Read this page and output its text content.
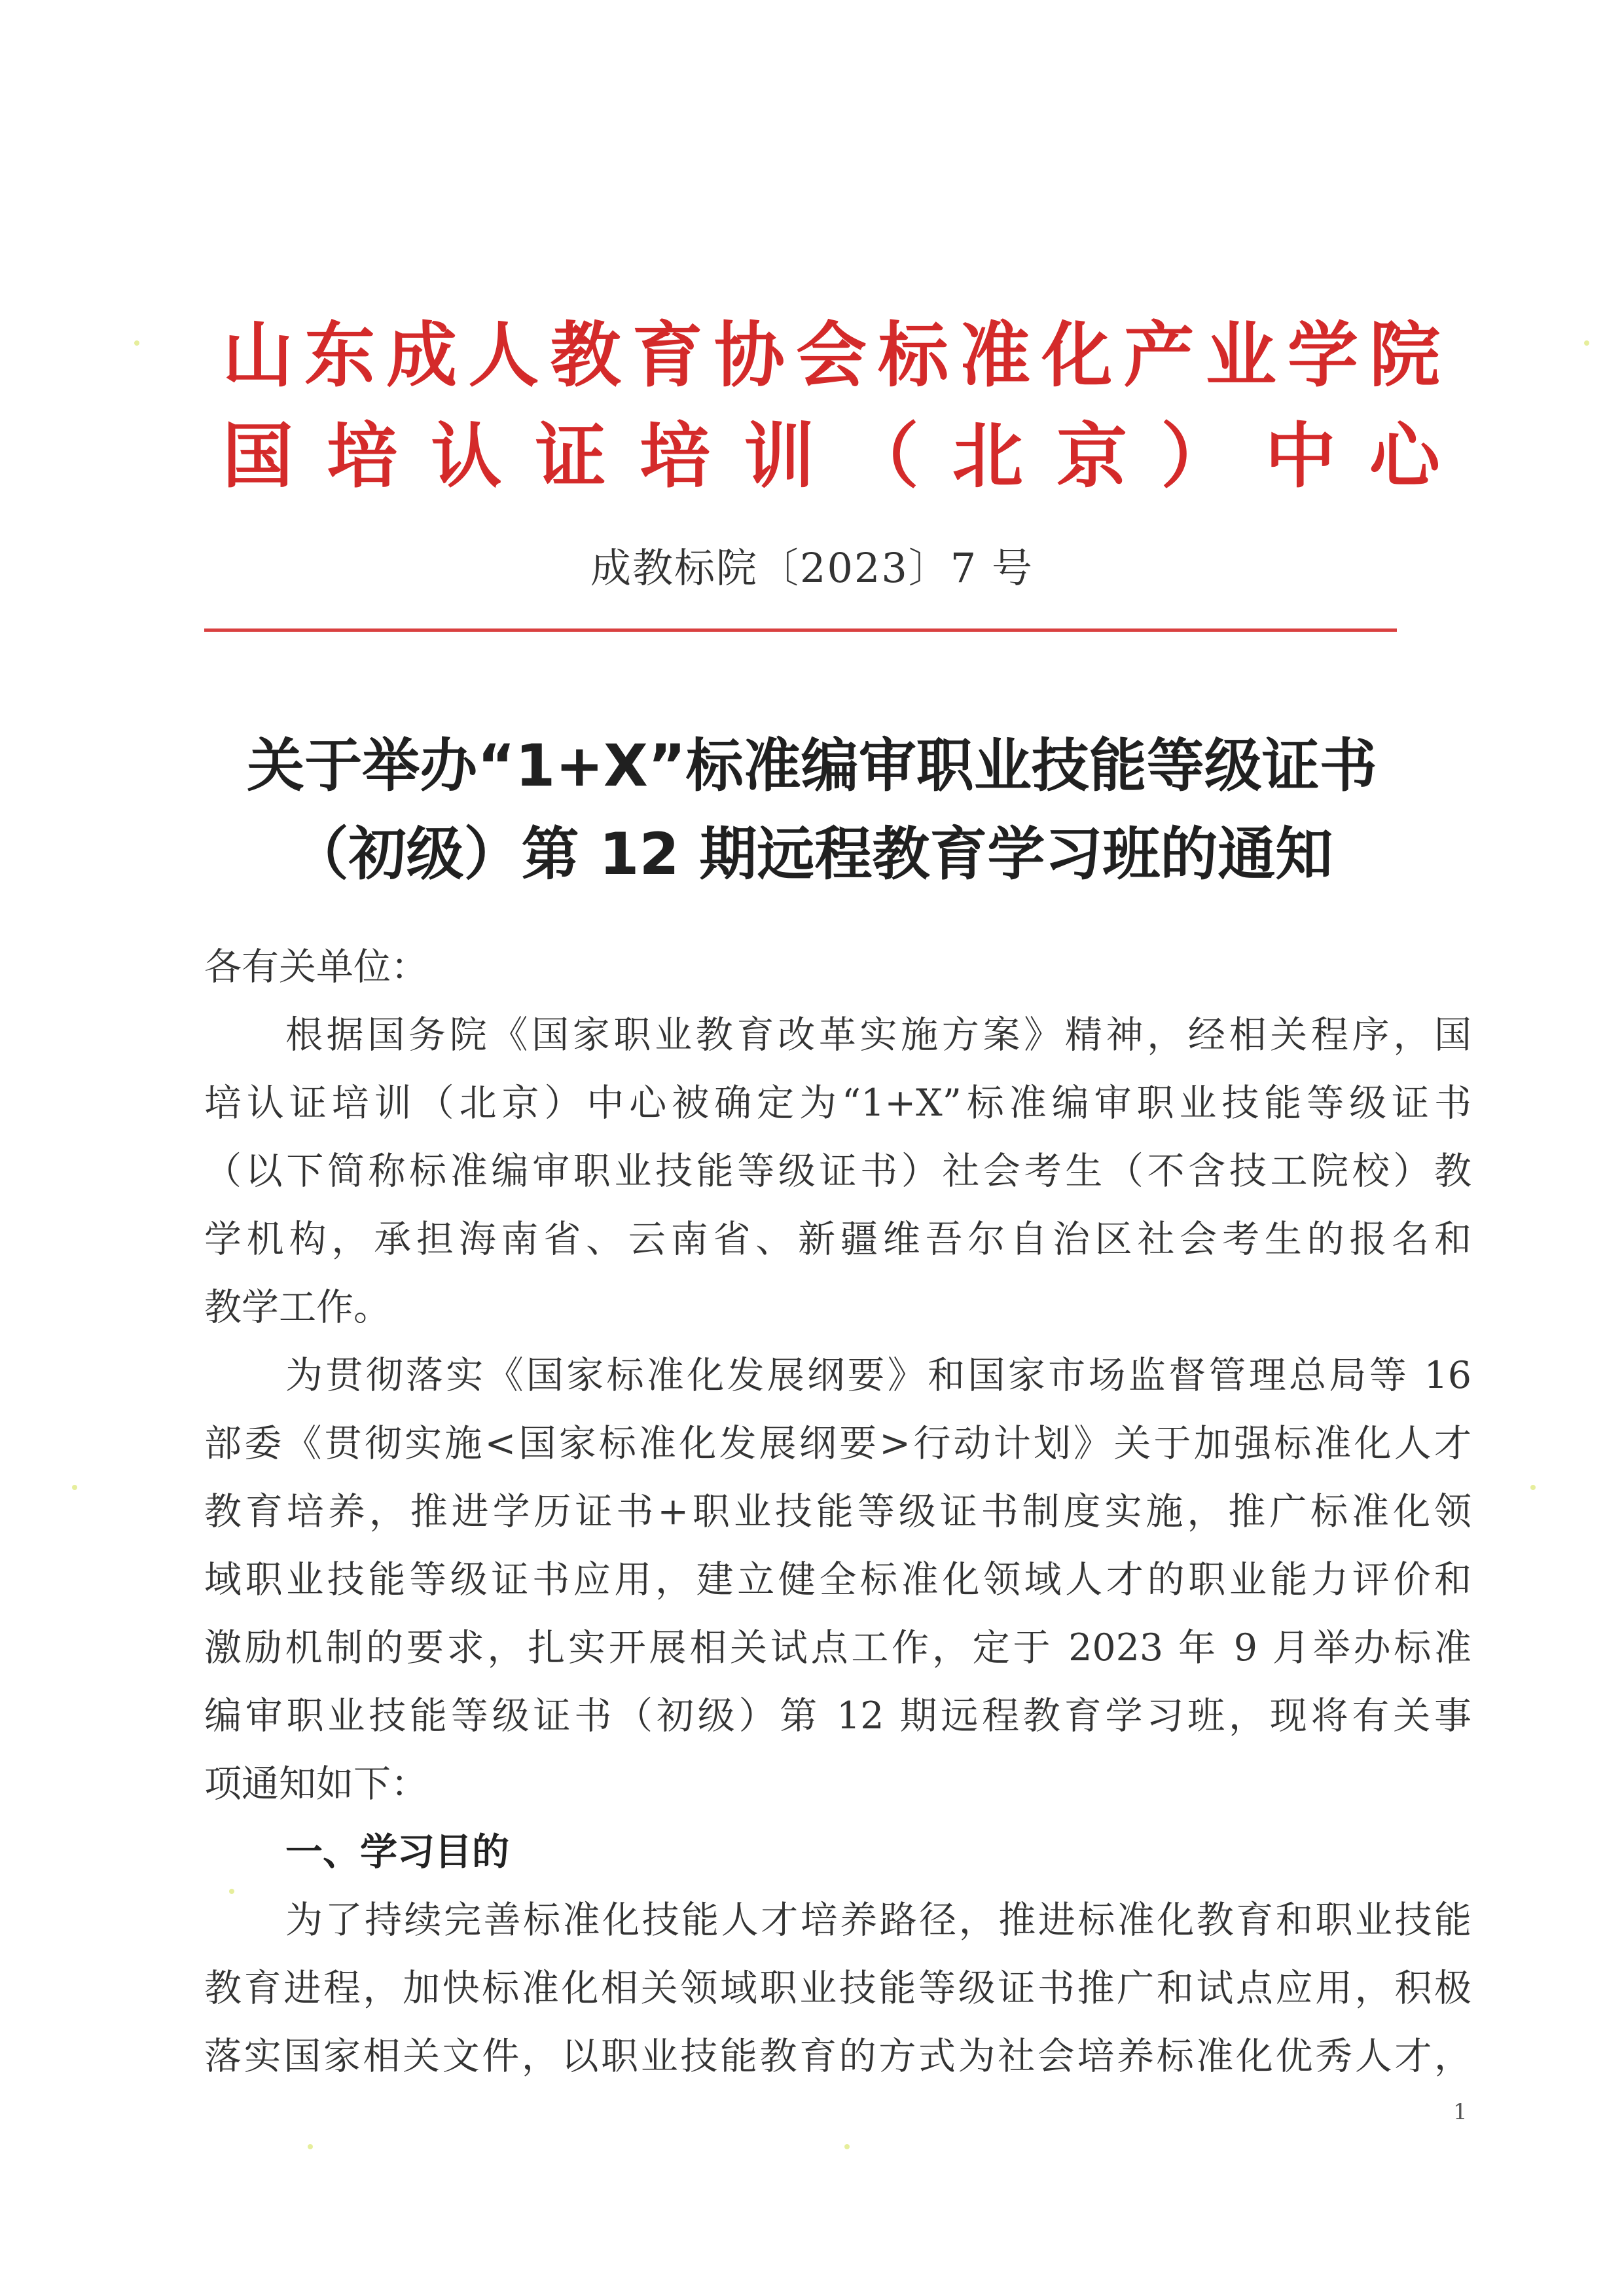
山 东 成 人 教 育 协 会 标 准 化 产 业 学 院
国 培 认 证 培 训 （ 北 京 ） 中 心
成教标院〔2023〕7 号
关于举办“1+X”标准编审职业技能等级证书
（初级）第 12 期远程教育学习班的通知
各有关单位：
根据国务院《国家职业教育改革实施方案》精神，经相关程序，国
培认证培训（北京）中心被确定为“1+X”标准编审职业技能等级证书
（以下简称标准编审职业技能等级证书）社会考生（不含技工院校）教
学机构，承担海南省、云南省、新疆维吾尔自治区社会考生的报名和
教学工作。
为贯彻落实《国家标准化发展纲要》和国家市场监督管理总局等 16
部委《贯彻实施<国家标准化发展纲要>行动计划》关于加强标准化人才
教育培养，推进学历证书+职业技能等级证书制度实施，推广标准化领
域职业技能等级证书应用，建立健全标准化领域人才的职业能力评价和
激励机制的要求，扎实开展相关试点工作，定于 2023 年 9 月举办标准
编审职业技能等级证书（初级）第 12 期远程教育学习班，现将有关事
项通知如下：
一、学习目的
为了持续完善标准化技能人才培养路径，推进标准化教育和职业技能
教育进程，加快标准化相关领域职业技能等级证书推广和试点应用，积极
落实国家相关文件，以职业技能教育的方式为社会培养标准化优秀人才，
1
